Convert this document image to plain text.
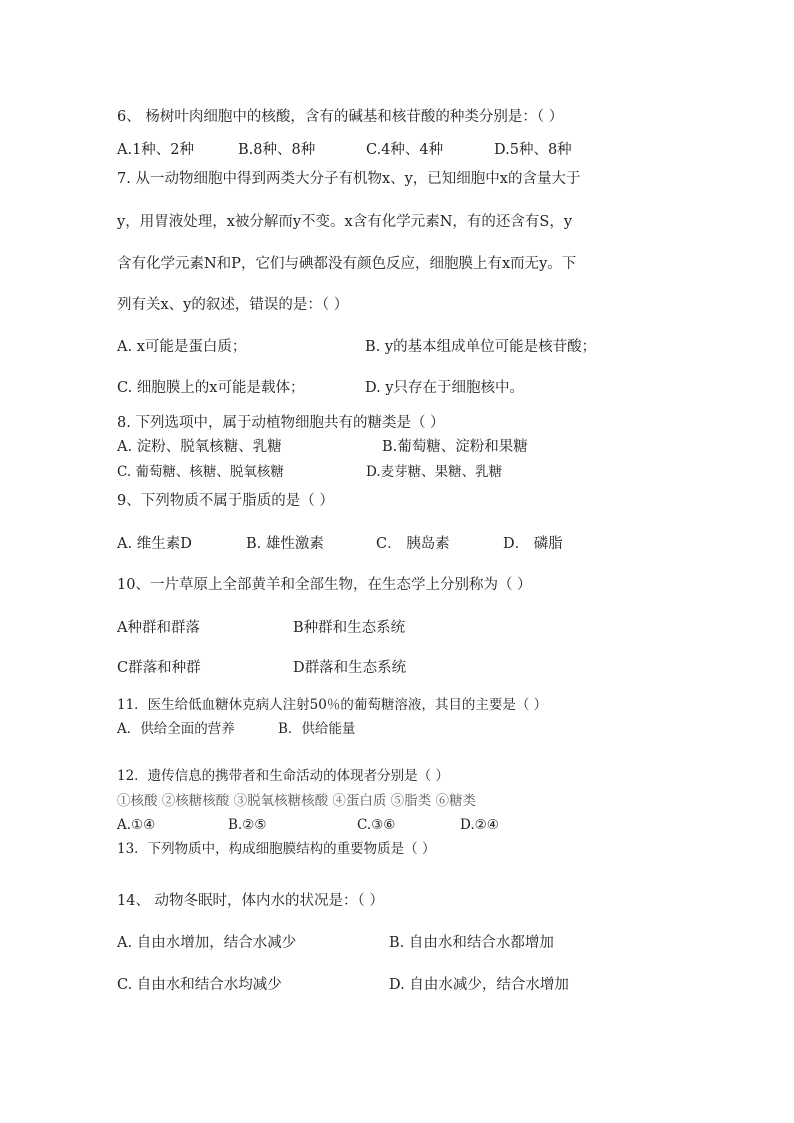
6、 杨树叶肉细胞中的核酸，含有的碱基和核苷酸的种类分别是：（ ）
A.1种、2种	B.8种、8种	C.4种、4种	D.5种、8种
7. 从一动物细胞中得到两类大分子有机物x、y，已知细胞中x的含量大于
y，用胃液处理，x被分解而y不变。x含有化学元素N，有的还含有S，y
含有化学元素N和P，它们与碘都没有颜色反应，细胞膜上有x而无y。下
列有关x、y的叙述，错误的是：（ ）
A. x可能是蛋白质；	B. y的基本组成单位可能是核苷酸；
C. 细胞膜上的x可能是载体；	D. y只存在于细胞核中。
8. 下列选项中，属于动植物细胞共有的糖类是（ ）
A. 淀粉、脱氧核糖、乳糖	B.葡萄糖、淀粉和果糖
C. 葡萄糖、核糖、脱氧核糖	D.麦芽糖、果糖、乳糖
9、下列物质不属于脂质的是（ ）
A. 维生素D	B. 雄性激素	C． 胰岛素	D． 磷脂
10、一片草原上全部黄羊和全部生物，在生态学上分别称为（ ）
A种群和群落	B种群和生态系统
C群落和种群	D群落和生态系统
11．医生给低血糖休克病人注射50％的葡萄糖溶液，其目的主要是（ ）
A．供给全面的营养	B．供给能量
12．遗传信息的携带者和生命活动的体现者分别是（ ）
①核酸 ②核糖核酸 ③脱氧核糖核酸 ④蛋白质 ⑤脂类 ⑥糖类
A.①④	B.②⑤	C.③⑥	D.②④
13．下列物质中，构成细胞膜结构的重要物质是（ ）
14、 动物冬眠时，体内水的状况是：（ ）
A. 自由水增加，结合水减少	B. 自由水和结合水都增加
C. 自由水和结合水均减少	D. 自由水减少，结合水增加
